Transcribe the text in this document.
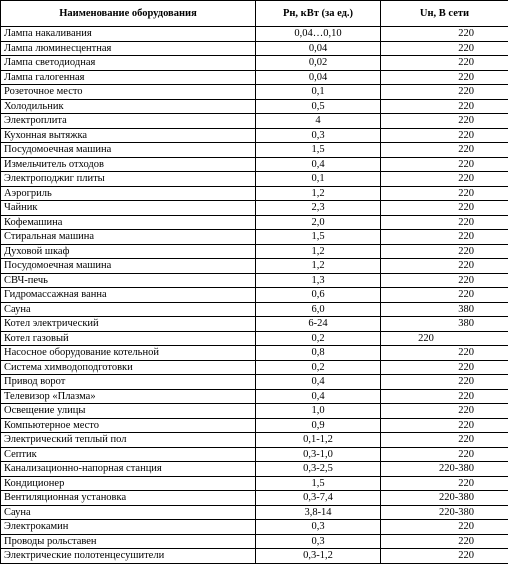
Наименование оборудования	Рн, кВт (за ед.)	Uн, В сети
Лампа накаливания	0,04…0,10	220
Лампа люминесцентная	0,04	220
Лампа светодиодная	0,02	220
Лампа галогенная	0,04	220
Розеточное место	0,1	220
Холодильник	0,5	220
Электроплита	4	220
Кухонная вытяжка	0,3	220
Посудомоечная машина	1,5	220
Измельчитель отходов	0,4	220
Электроподжиг плиты	0,1	220
Аэрогриль	1,2	220
Чайник	2,3	220
Кофемашина	2,0	220
Стиральная машина	1,5	220
Духовой шкаф	1,2	220
Посудомоечная машина	1,2	220
СВЧ-печь	1,3	220
Гидромассажная ванна	0,6	220
Сауна	6,0	380
Котел электрический	6-24	380
Котел газовый	0,2	220
Насосное оборудование котельной	0,8	220
Система химводоподготовки	0,2	220
Привод ворот	0,4	220
Телевизор «Плазма»	0,4	220
Освещение улицы	1,0	220
Компьютерное место	0,9	220
Электрический теплый пол	0,1-1,2	220
Септик	0,3-1,0	220
Канализационно-напорная станция	0,3-2,5	220-380
Кондиционер	1,5	220
Вентиляционная установка	0,3-7,4	220-380
Сауна	3,8-14	220-380
Электрокамин	0,3	220
Проводы рольставен	0,3	220
Электрические полотенцесушители	0,3-1,2	220
